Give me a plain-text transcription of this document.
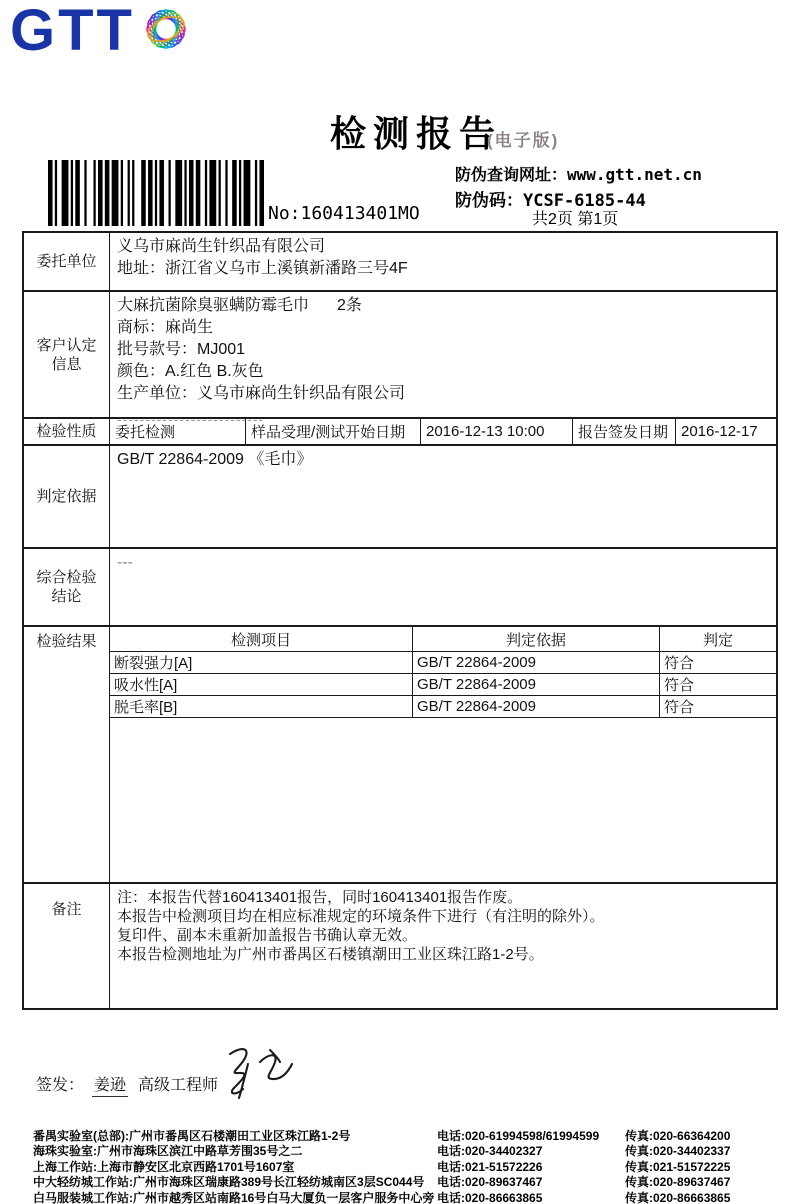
GTT
检测报告
(电子版)
防伪查询网址：www.gtt.net.cn
防伪码：YCSF-6185-44
No:160413401MO	共2页 第1页
委托单位
义乌市麻尚生针织品有限公司
地址：浙江省义乌市上溪镇新潘路三号4F
客户认定
信息
大麻抗菌除臭驱螨防霉毛巾 2条
商标：麻尚生
批号款号：MJ001
颜色：A.红色 B.灰色
生产单位：义乌市麻尚生针织品有限公司
--------------------------
检验性质	委托检测	样品受理/测试开始日期	2016-12-13 10:00	报告签发日期 2016-12-17
判定依据
GB/T 22864-2009 《毛巾》
综合检验
结论
---
检验结果	检测项目	判定依据	判定
断裂强力[A]	GB/T 22864-2009	符合
吸水性[A]	GB/T 22864-2009	符合
脱毛率[B]	GB/T 22864-2009	符合
备注
注：本报告代替160413401报告，同时160413401报告作废。
本报告中检测项目均在相应标准规定的环境条件下进行（有注明的除外）。
复印件、副本未重新加盖报告书确认章无效。
本报告检测地址为广州市番禺区石楼镇潮田工业区珠江路1-2号。
签发： 姜逊 高级工程师
番禺实验室(总部):广州市番禺区石楼潮田工业区珠江路1-2号	电话:020-61994598/61994599	传真:020-66364200
海珠实验室:广州市海珠区滨江中路草芳围35号之二	电话:020-34402327	传真:020-34402337
上海工作站:上海市静安区北京西路1701号1607室	电话:021-51572226	传真:021-51572225
中大轻纺城工作站:广州市海珠区瑞康路389号长江轻纺城南区3层SC044号	电话:020-89637467	传真:020-89637467
白马服装城工作站:广州市越秀区站南路16号白马大厦负一层客户服务中心旁 电话:020-86663865	传真:020-86663865
